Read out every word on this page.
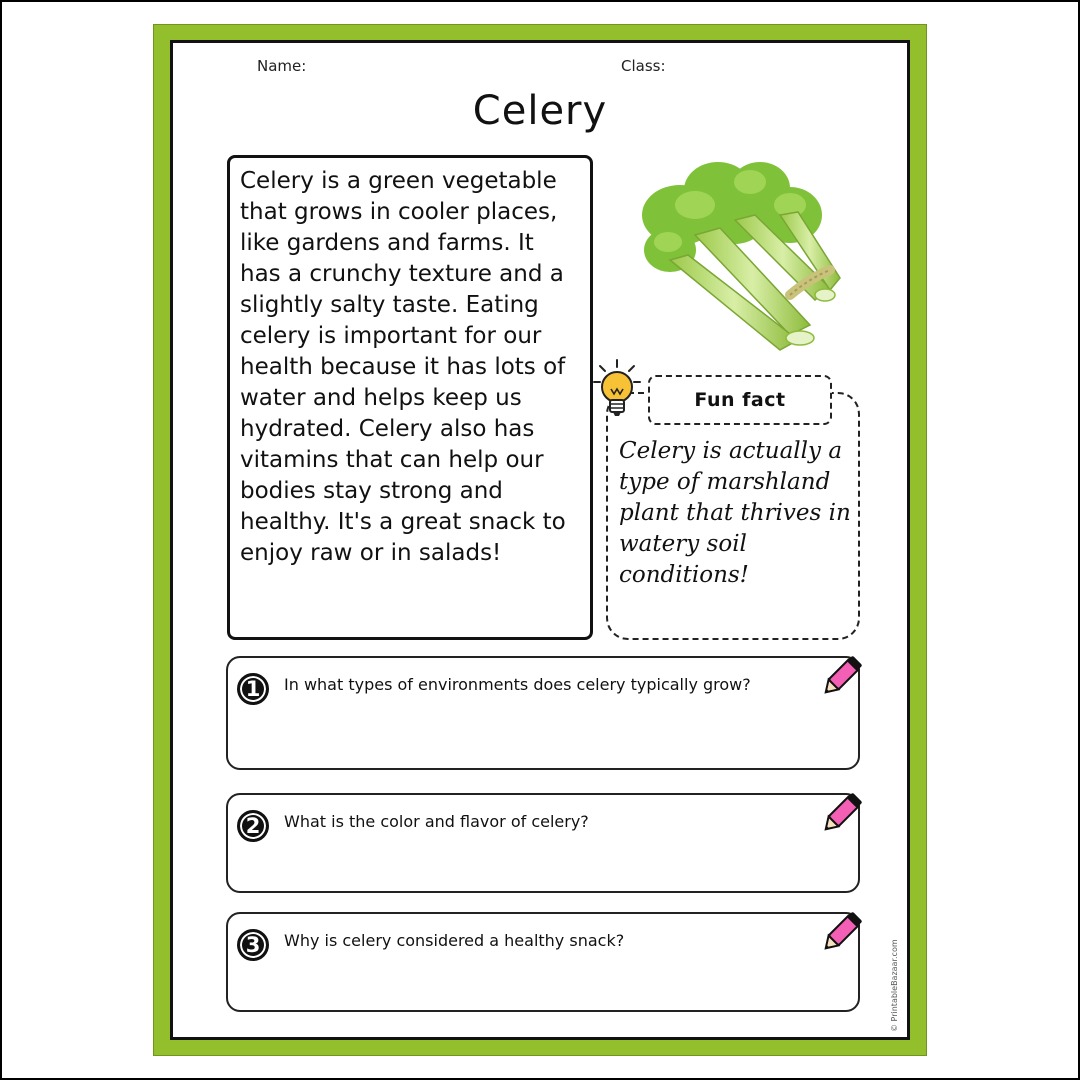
Name:	Class:
Celery
Celery is a green vegetable that grows in cooler places, like gardens and farms. It has a crunchy texture and a slightly salty taste. Eating celery is important for our health because it has lots of water and helps keep us hydrated. Celery also has vitamins that can help our bodies stay strong and healthy. It's a great snack to enjoy raw or in salads!
Fun fact
Celery is actually a type of marshland plant that thrives in watery soil conditions!
1	In what types of environments does celery typically grow?
2	What is the color and flavor of celery?
3	Why is celery considered a healthy snack?	© PrintableBazaar.com
